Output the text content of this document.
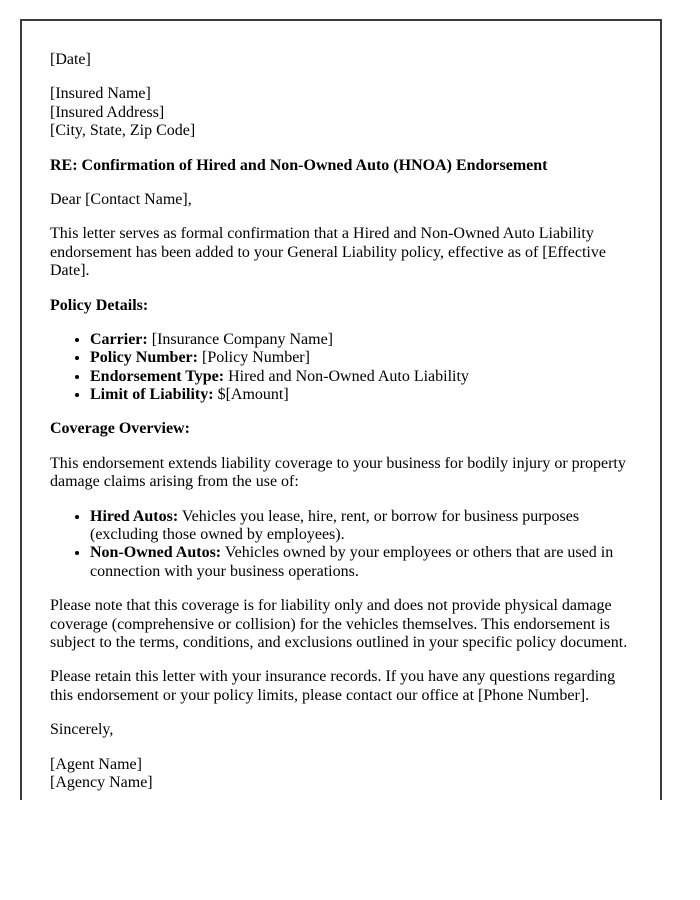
[Date]

[Insured Name]
[Insured Address]
[City, State, Zip Code]

RE: Confirmation of Hired and Non-Owned Auto (HNOA) Endorsement

Dear [Contact Name],

This letter serves as formal confirmation that a Hired and Non-Owned Auto Liability endorsement has been added to your General Liability policy, effective as of [Effective Date].

Policy Details:

• Carrier: [Insurance Company Name]
• Policy Number: [Policy Number]
• Endorsement Type: Hired and Non-Owned Auto Liability
• Limit of Liability: $[Amount]

Coverage Overview:

This endorsement extends liability coverage to your business for bodily injury or property damage claims arising from the use of:

• Hired Autos: Vehicles you lease, hire, rent, or borrow for business purposes (excluding those owned by employees).
• Non-Owned Autos: Vehicles owned by your employees or others that are used in connection with your business operations.

Please note that this coverage is for liability only and does not provide physical damage coverage (comprehensive or collision) for the vehicles themselves. This endorsement is subject to the terms, conditions, and exclusions outlined in your specific policy document.

Please retain this letter with your insurance records. If you have any questions regarding this endorsement or your policy limits, please contact our office at [Phone Number].

Sincerely,

[Agent Name]
[Agency Name]
